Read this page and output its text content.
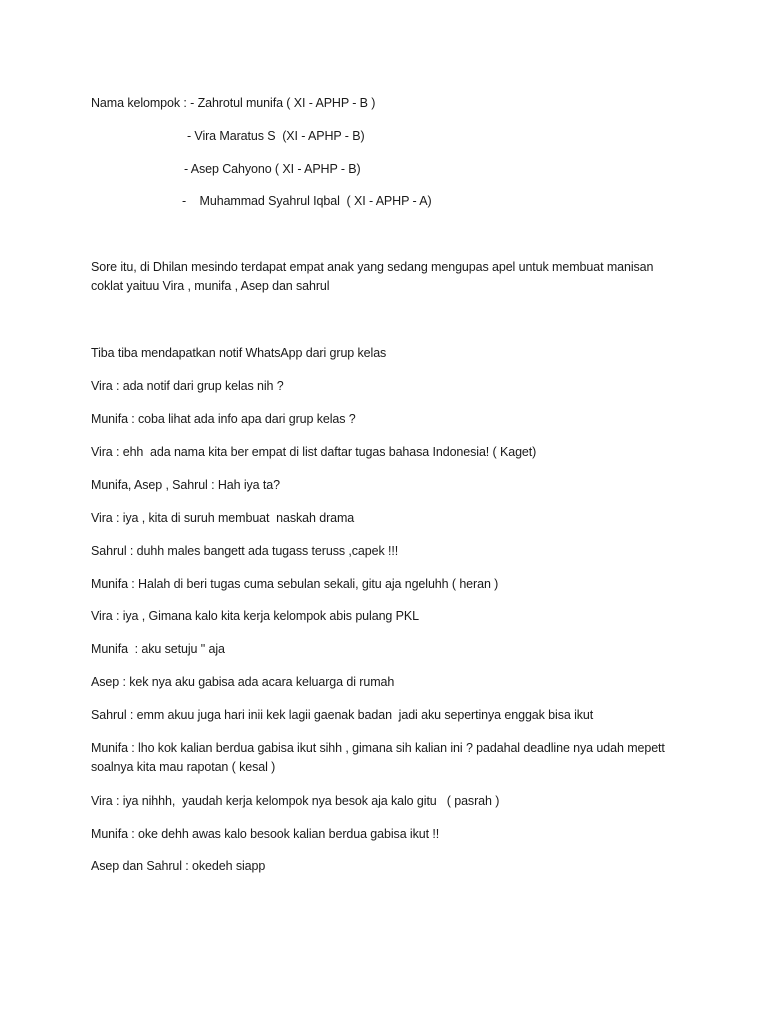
Nama kelompok : - Zahrotul munifa ( XI - APHP - B )
- Vira Maratus S  (XI - APHP - B)
- Asep Cahyono ( XI - APHP - B)
-    Muhammad Syahrul Iqbal  ( XI - APHP - A)
Sore itu, di Dhilan mesindo terdapat empat anak yang sedang mengupas apel untuk membuat manisan coklat yaituu Vira , munifa , Asep dan sahrul
Tiba tiba mendapatkan notif WhatsApp dari grup kelas
Vira : ada notif dari grup kelas nih ?
Munifa : coba lihat ada info apa dari grup kelas ?
Vira : ehh  ada nama kita ber empat di list daftar tugas bahasa Indonesia! ( Kaget)
Munifa, Asep , Sahrul : Hah iya ta?
Vira : iya , kita di suruh membuat  naskah drama
Sahrul : duhh males bangett ada tugass teruss ,capek !!!
Munifa : Halah di beri tugas cuma sebulan sekali, gitu aja ngeluhh ( heran )
Vira : iya , Gimana kalo kita kerja kelompok abis pulang PKL
Munifa  : aku setuju " aja
Asep : kek nya aku gabisa ada acara keluarga di rumah
Sahrul : emm akuu juga hari inii kek lagii gaenak badan  jadi aku sepertinya enggak bisa ikut
Munifa : lho kok kalian berdua gabisa ikut sihh , gimana sih kalian ini ? padahal deadline nya udah mepett soalnya kita mau rapotan ( kesal )
Vira : iya nihhh,  yaudah kerja kelompok nya besok aja kalo gitu   ( pasrah )
Munifa : oke dehh awas kalo besook kalian berdua gabisa ikut !!
Asep dan Sahrul : okedeh siapp
